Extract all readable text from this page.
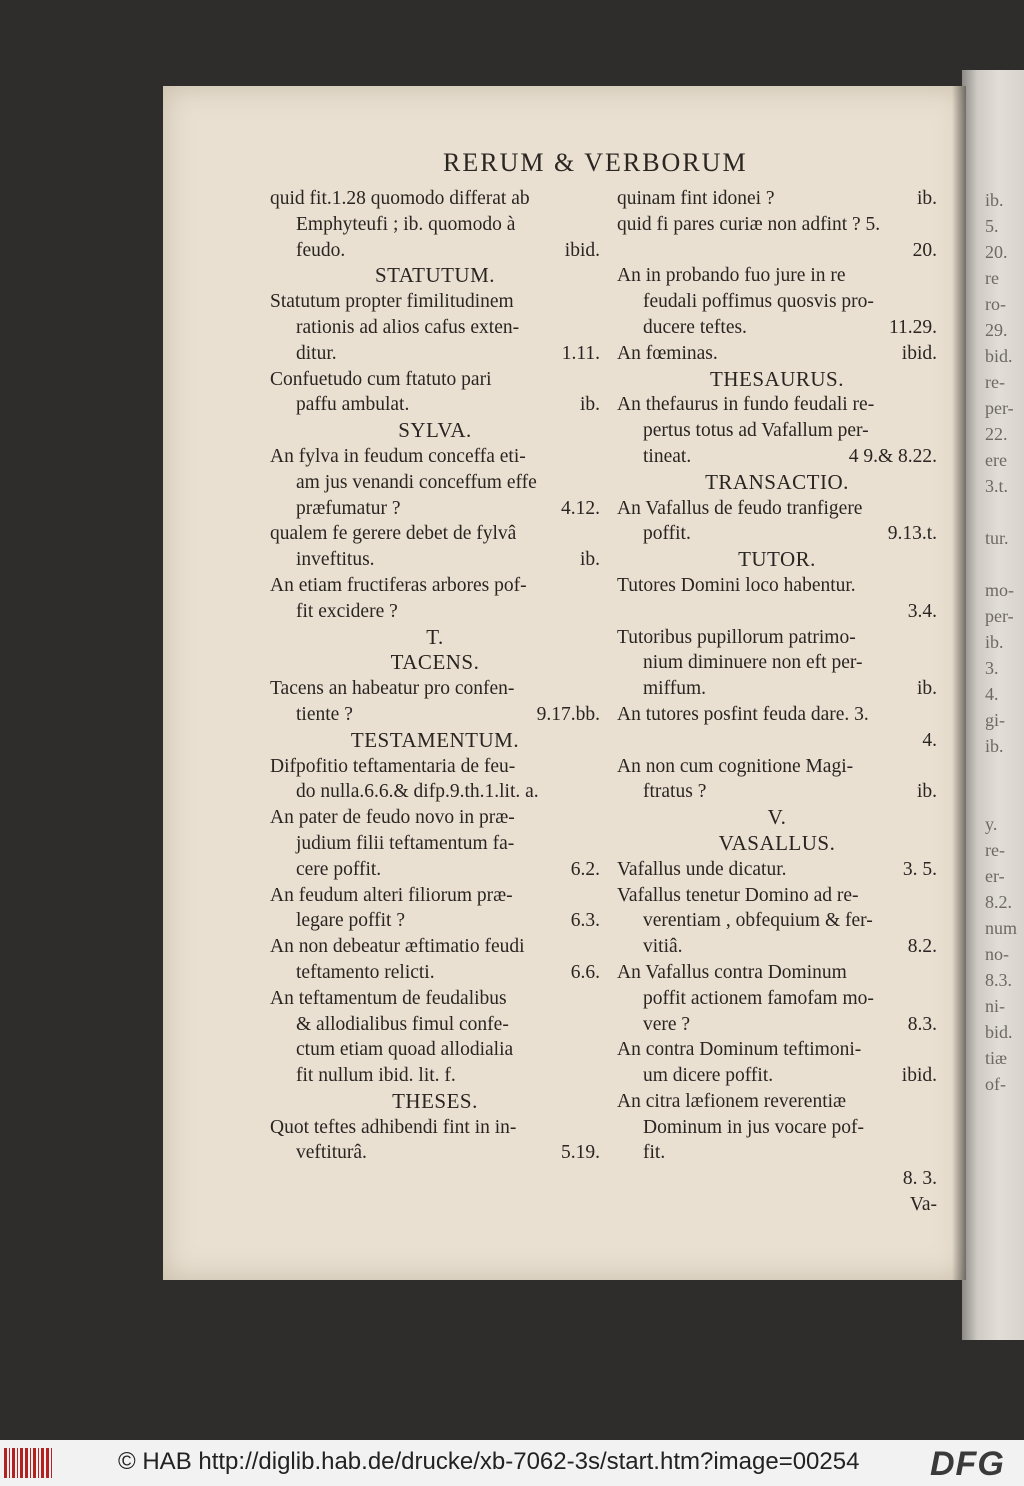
ib.
5.
20.
re
ro-
29.
bid.
re-
per-
22.
ere
3.t.
tur.
mo-
per-
ib.
3.
4.
gi-
ib.
y.
re-
er-
8.2.
num
no-
8.3.
ni-
bid.
tiæ
of-
RERUM & VERBORUM
quid fit.1.28 quomodo differat ab
Emphyteufi ; ib. quomodo à
feudo.	ibid.
STATUTUM.
Statutum propter fimilitudinem
rationis ad alios cafus exten-
ditur.	1.11.
Confuetudo cum ftatuto pari
paffu ambulat.	ib.
SYLVA.
An fylva in feudum conceffa eti-
am jus venandi conceffum effe
præfumatur ?	4.12.
qualem fe gerere debet de fylvâ
inveftitus.	ib.
An etiam fructiferas arbores pof-
fit excidere ?
T.
TACENS.
Tacens an habeatur pro confen-
tiente ?	9.17.bb.
TESTAMENTUM.
Difpofitio teftamentaria de feu-
do nulla.6.6.& difp.9.th.1.lit. a.
An pater de feudo novo in præ-
judium filii teftamentum fa-
cere poffit.	6.2.
An feudum alteri filiorum præ-
legare poffit ?	6.3.
An non debeatur æftimatio feudi
teftamento relicti.	6.6.
An teftamentum de feudalibus
& allodialibus fimul confe-
ctum etiam quoad allodialia
fit nullum ibid. lit. f.
THESES.
Quot teftes adhibendi fint in in-
veftiturâ.	5.19.
quinam fint idonei ?	ib.
quid fi pares curiæ non adfint ? 5.
20.
An in probando fuo jure in re
feudali poffimus quosvis pro-
ducere teftes.	11.29.
An fœminas.	ibid.
THESAURUS.
An thefaurus in fundo feudali re-
pertus totus ad Vafallum per-
tineat.	4 9.& 8.22.
TRANSACTIO.
An Vafallus de feudo tranfigere
poffit.	9.13.t.
TUTOR.
Tutores Domini loco habentur.
3.4.
Tutoribus pupillorum patrimo-
nium diminuere non eft per-
miffum.	ib.
An tutores posfint feuda dare. 3.
4.
An non cum cognitione Magi-
ftratus ?	ib.
V.
VASALLUS.
Vafallus unde dicatur.	3. 5.
Vafallus tenetur Domino ad re-
verentiam , obfequium & fer-
vitiâ.	8.2.
An Vafallus contra Dominum
poffit actionem famofam mo-
vere ?	8.3.
An contra Dominum teftimoni-
um dicere poffit.	ibid.
An citra læfionem reverentiæ
Dominum in jus vocare pof-
fit.
8. 3.
Va-
© HAB http://diglib.hab.de/drucke/xb-7062-3s/start.htm?image=00254 DFG
